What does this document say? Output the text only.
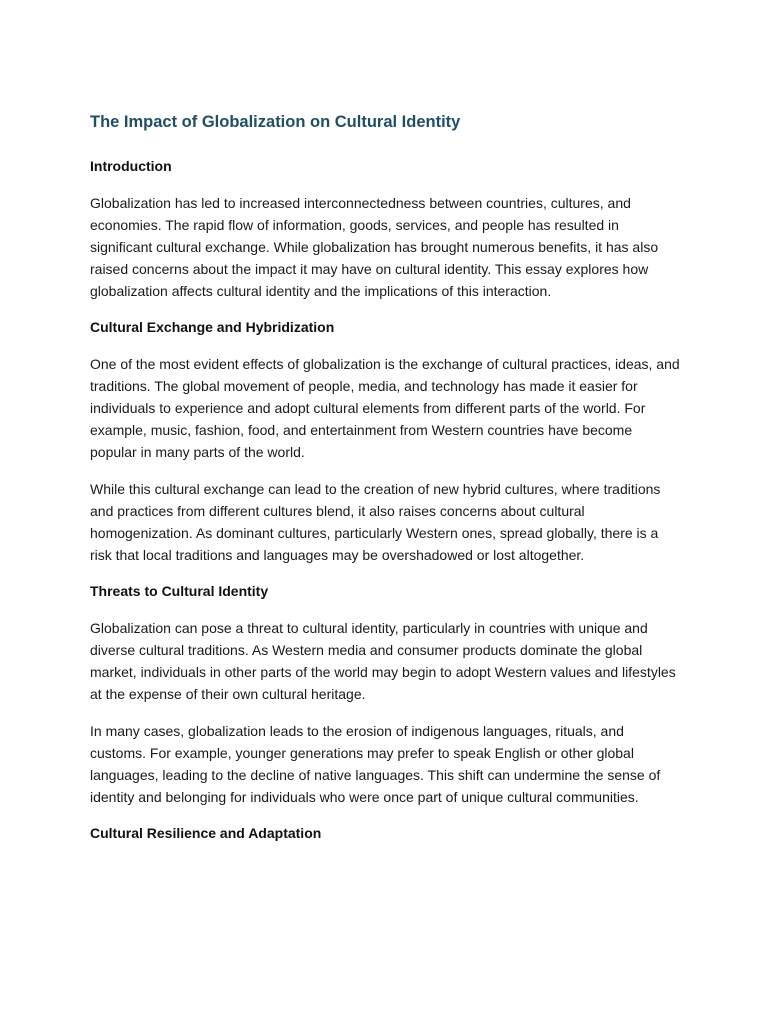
The Impact of Globalization on Cultural Identity
Introduction

Globalization has led to increased interconnectedness between countries, cultures, and economies. The rapid flow of information, goods, services, and people has resulted in significant cultural exchange. While globalization has brought numerous benefits, it has also raised concerns about the impact it may have on cultural identity. This essay explores how globalization affects cultural identity and the implications of this interaction.

Cultural Exchange and Hybridization

One of the most evident effects of globalization is the exchange of cultural practices, ideas, and traditions. The global movement of people, media, and technology has made it easier for individuals to experience and adopt cultural elements from different parts of the world. For example, music, fashion, food, and entertainment from Western countries have become popular in many parts of the world.

While this cultural exchange can lead to the creation of new hybrid cultures, where traditions and practices from different cultures blend, it also raises concerns about cultural homogenization. As dominant cultures, particularly Western ones, spread globally, there is a risk that local traditions and languages may be overshadowed or lost altogether.

Threats to Cultural Identity

Globalization can pose a threat to cultural identity, particularly in countries with unique and diverse cultural traditions. As Western media and consumer products dominate the global market, individuals in other parts of the world may begin to adopt Western values and lifestyles at the expense of their own cultural heritage.

In many cases, globalization leads to the erosion of indigenous languages, rituals, and customs. For example, younger generations may prefer to speak English or other global languages, leading to the decline of native languages. This shift can undermine the sense of identity and belonging for individuals who were once part of unique cultural communities.

Cultural Resilience and Adaptation
